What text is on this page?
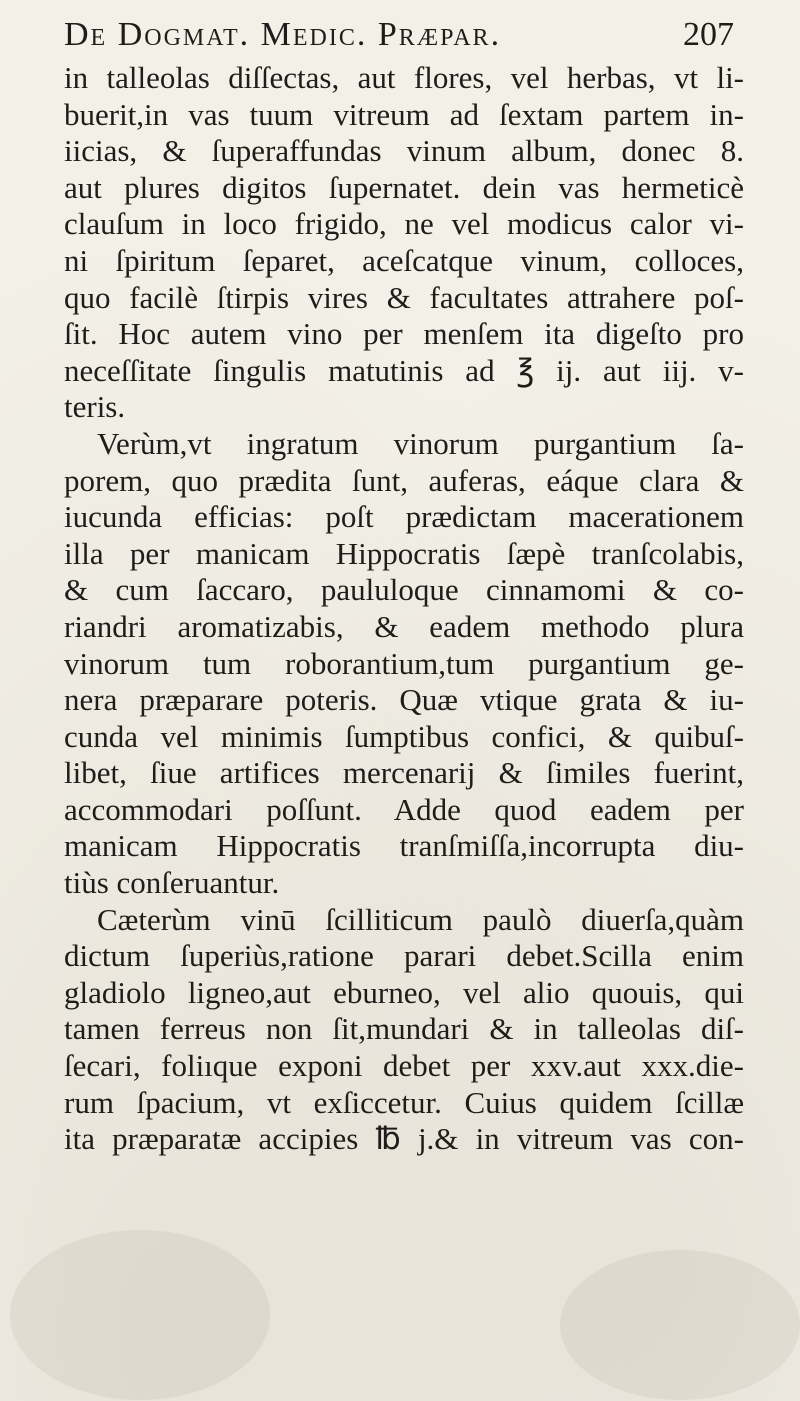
De Dogmat. Medic. Præpar.	207
in talleolas diſſectas, aut flores, vel herbas, vt li-
buerit,in vas tuum vitreum ad ſextam partem in-
iicias, & ſuperaffundas vinum album, donec 8.
aut plures digitos ſupernatet. dein vas hermeticè
clauſum in loco frigido, ne vel modicus calor vi-
ni ſpiritum ſeparet, aceſcatque vinum, colloces,
quo facilè ſtirpis vires & facultates attrahere poſ-
ſit. Hoc autem vino per menſem ita digeſto pro
neceſſitate ſingulis matutinis ad ℥ ij. aut iij. v-
teris.
Verùm,vt ingratum vinorum purgantium ſa-
porem, quo prædita ſunt, auferas, eáque clara &
iucunda efficias: poſt prædictam macerationem
illa per manicam Hippocratis ſæpè tranſcolabis,
& cum ſaccaro, paululoque cinnamomi & co-
riandri aromatizabis, & eadem methodo plura
vinorum tum roborantium,tum purgantium ge-
nera præparare poteris. Quæ vtique grata & iu-
cunda vel minimis ſumptibus confici, & quibuſ-
libet, ſiue artifices mercenarij & ſimiles fuerint,
accommodari poſſunt. Adde quod eadem per
manicam Hippocratis tranſmiſſa,incorrupta diu-
tiùs conſeruantur.
Cæterùm vinū ſcilliticum paulò diuerſa,quàm
dictum ſuperiùs,ratione parari debet.Scilla enim
gladiolo ligneo,aut eburneo, vel alio quouis, qui
tamen ferreus non ſit,mundari & in talleolas diſ-
ſecari, foliıque exponi debet per xxv.aut xxx.die-
rum ſpacium, vt exſiccetur. Cuius quidem ſcillæ
ita præparatæ accipies ℔ j.& in vitreum vas con-
